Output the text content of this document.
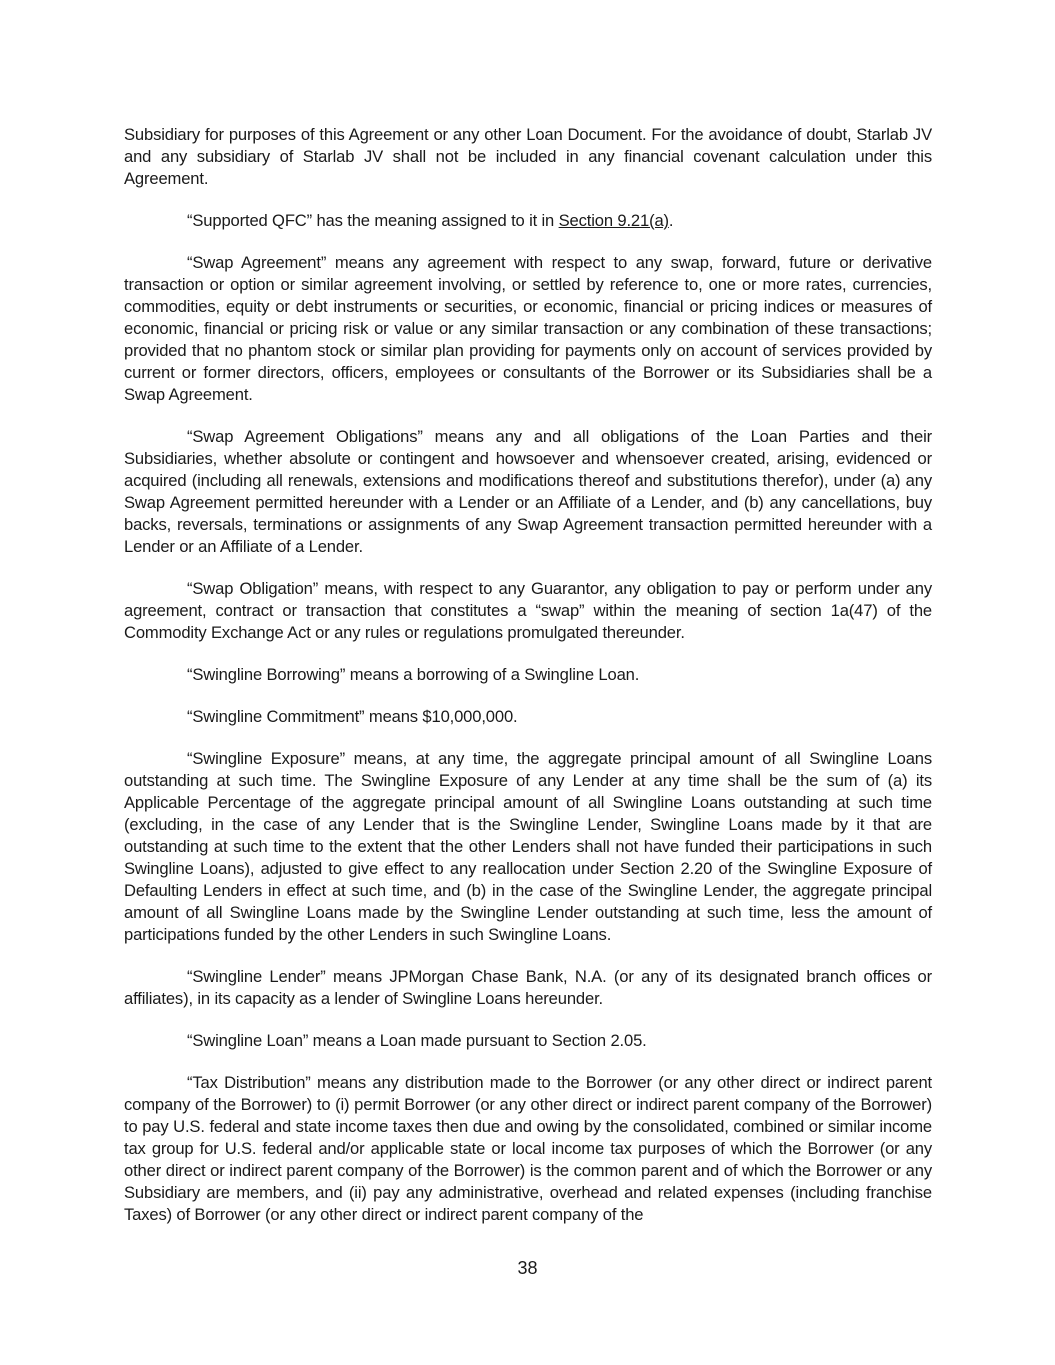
Subsidiary for purposes of this Agreement or any other Loan Document. For the avoidance of doubt, Starlab JV and any subsidiary of Starlab JV shall not be included in any financial covenant calculation under this Agreement.

“Supported QFC” has the meaning assigned to it in Section 9.21(a).

“Swap Agreement” means any agreement with respect to any swap, forward, future or derivative transaction or option or similar agreement involving, or settled by reference to, one or more rates, currencies, commodities, equity or debt instruments or securities, or economic, financial or pricing indices or measures of economic, financial or pricing risk or value or any similar transaction or any combination of these transactions; provided that no phantom stock or similar plan providing for payments only on account of services provided by current or former directors, officers, employees or consultants of the Borrower or its Subsidiaries shall be a Swap Agreement.

“Swap Agreement Obligations” means any and all obligations of the Loan Parties and their Subsidiaries, whether absolute or contingent and howsoever and whensoever created, arising, evidenced or acquired (including all renewals, extensions and modifications thereof and substitutions therefor), under (a) any Swap Agreement permitted hereunder with a Lender or an Affiliate of a Lender, and (b) any cancellations, buy backs, reversals, terminations or assignments of any Swap Agreement transaction permitted hereunder with a Lender or an Affiliate of a Lender.

“Swap Obligation” means, with respect to any Guarantor, any obligation to pay or perform under any agreement, contract or transaction that constitutes a “swap” within the meaning of section 1a(47) of the Commodity Exchange Act or any rules or regulations promulgated thereunder.

“Swingline Borrowing” means a borrowing of a Swingline Loan.

“Swingline Commitment” means $10,000,000.

“Swingline Exposure” means, at any time, the aggregate principal amount of all Swingline Loans outstanding at such time. The Swingline Exposure of any Lender at any time shall be the sum of (a) its Applicable Percentage of the aggregate principal amount of all Swingline Loans outstanding at such time (excluding, in the case of any Lender that is the Swingline Lender, Swingline Loans made by it that are outstanding at such time to the extent that the other Lenders shall not have funded their participations in such Swingline Loans), adjusted to give effect to any reallocation under Section 2.20 of the Swingline Exposure of Defaulting Lenders in effect at such time, and (b) in the case of the Swingline Lender, the aggregate principal amount of all Swingline Loans made by the Swingline Lender outstanding at such time, less the amount of participations funded by the other Lenders in such Swingline Loans.

“Swingline Lender” means JPMorgan Chase Bank, N.A. (or any of its designated branch offices or affiliates), in its capacity as a lender of Swingline Loans hereunder.

“Swingline Loan” means a Loan made pursuant to Section 2.05.

“Tax Distribution” means any distribution made to the Borrower (or any other direct or indirect parent company of the Borrower) to (i) permit Borrower (or any other direct or indirect parent company of the Borrower) to pay U.S. federal and state income taxes then due and owing by the consolidated, combined or similar income tax group for U.S. federal and/or applicable state or local income tax purposes of which the Borrower (or any other direct or indirect parent company of the Borrower) is the common parent and of which the Borrower or any Subsidiary are members, and (ii) pay any administrative, overhead and related expenses (including franchise Taxes) of Borrower (or any other direct or indirect parent company of the

38
